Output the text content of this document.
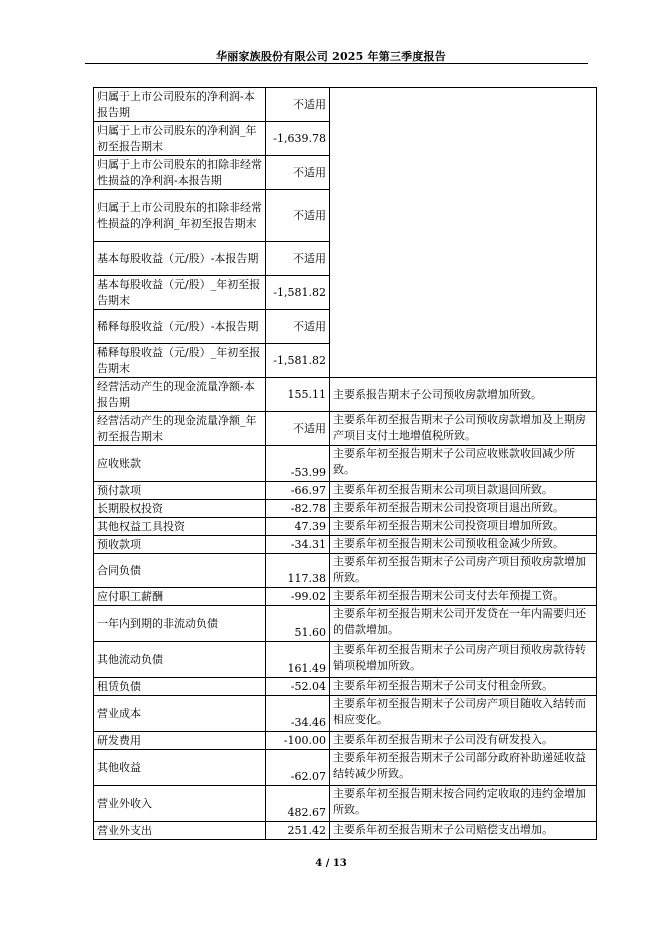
华丽家族股份有限公司 2025 年第三季度报告
归属于上市公司股东的净利润-本报告期	不适用	
归属于上市公司股东的净利润_年初至报告期末	-1,639.78	
归属于上市公司股东的扣除非经常性损益的净利润-本报告期	不适用	
归属于上市公司股东的扣除非经常性损益的净利润_年初至报告期末	不适用	
基本每股收益（元/股）-本报告期	不适用	
基本每股收益（元/股）_年初至报告期末	-1,581.82	
稀释每股收益（元/股）-本报告期	不适用	
稀释每股收益（元/股）_年初至报告期末	-1,581.82	
经营活动产生的现金流量净额-本报告期	155.11	主要系报告期末子公司预收房款增加所致。
经营活动产生的现金流量净额_年初至报告期末	不适用	主要系年初至报告期末子公司预收房款增加及上期房产项目支付土地增值税所致。
应收账款	-53.99	主要系年初至报告期末子公司应收账款收回减少所致。
预付款项	-66.97	主要系年初至报告期末公司项目款退回所致。
长期股权投资	-82.78	主要系年初至报告期末公司投资项目退出所致。
其他权益工具投资	47.39	主要系年初至报告期末公司投资项目增加所致。
预收款项	-34.31	主要系年初至报告期末公司预收租金减少所致。
合同负债	117.38	主要系年初至报告期末子公司房产项目预收房款增加所致。
应付职工薪酬	-99.02	主要系年初至报告期末公司支付去年预提工资。
一年内到期的非流动负债	51.60	主要系年初至报告期末公司开发贷在一年内需要归还的借款增加。
其他流动负债	161.49	主要系年初至报告期末子公司房产项目预收房款待转销项税增加所致。
租赁负债	-52.04	主要系年初至报告期末子公司支付租金所致。
营业成本	-34.46	主要系年初至报告期末子公司房产项目随收入结转而相应变化。
研发费用	-100.00	主要系年初至报告期末子公司没有研发投入。
其他收益	-62.07	主要系年初至报告期末子公司部分政府补助递延收益结转减少所致。
营业外收入	482.67	主要系年初至报告期末按合同约定收取的违约金增加所致。
营业外支出	251.42	主要系年初至报告期末子公司赔偿支出增加。
4 / 13
